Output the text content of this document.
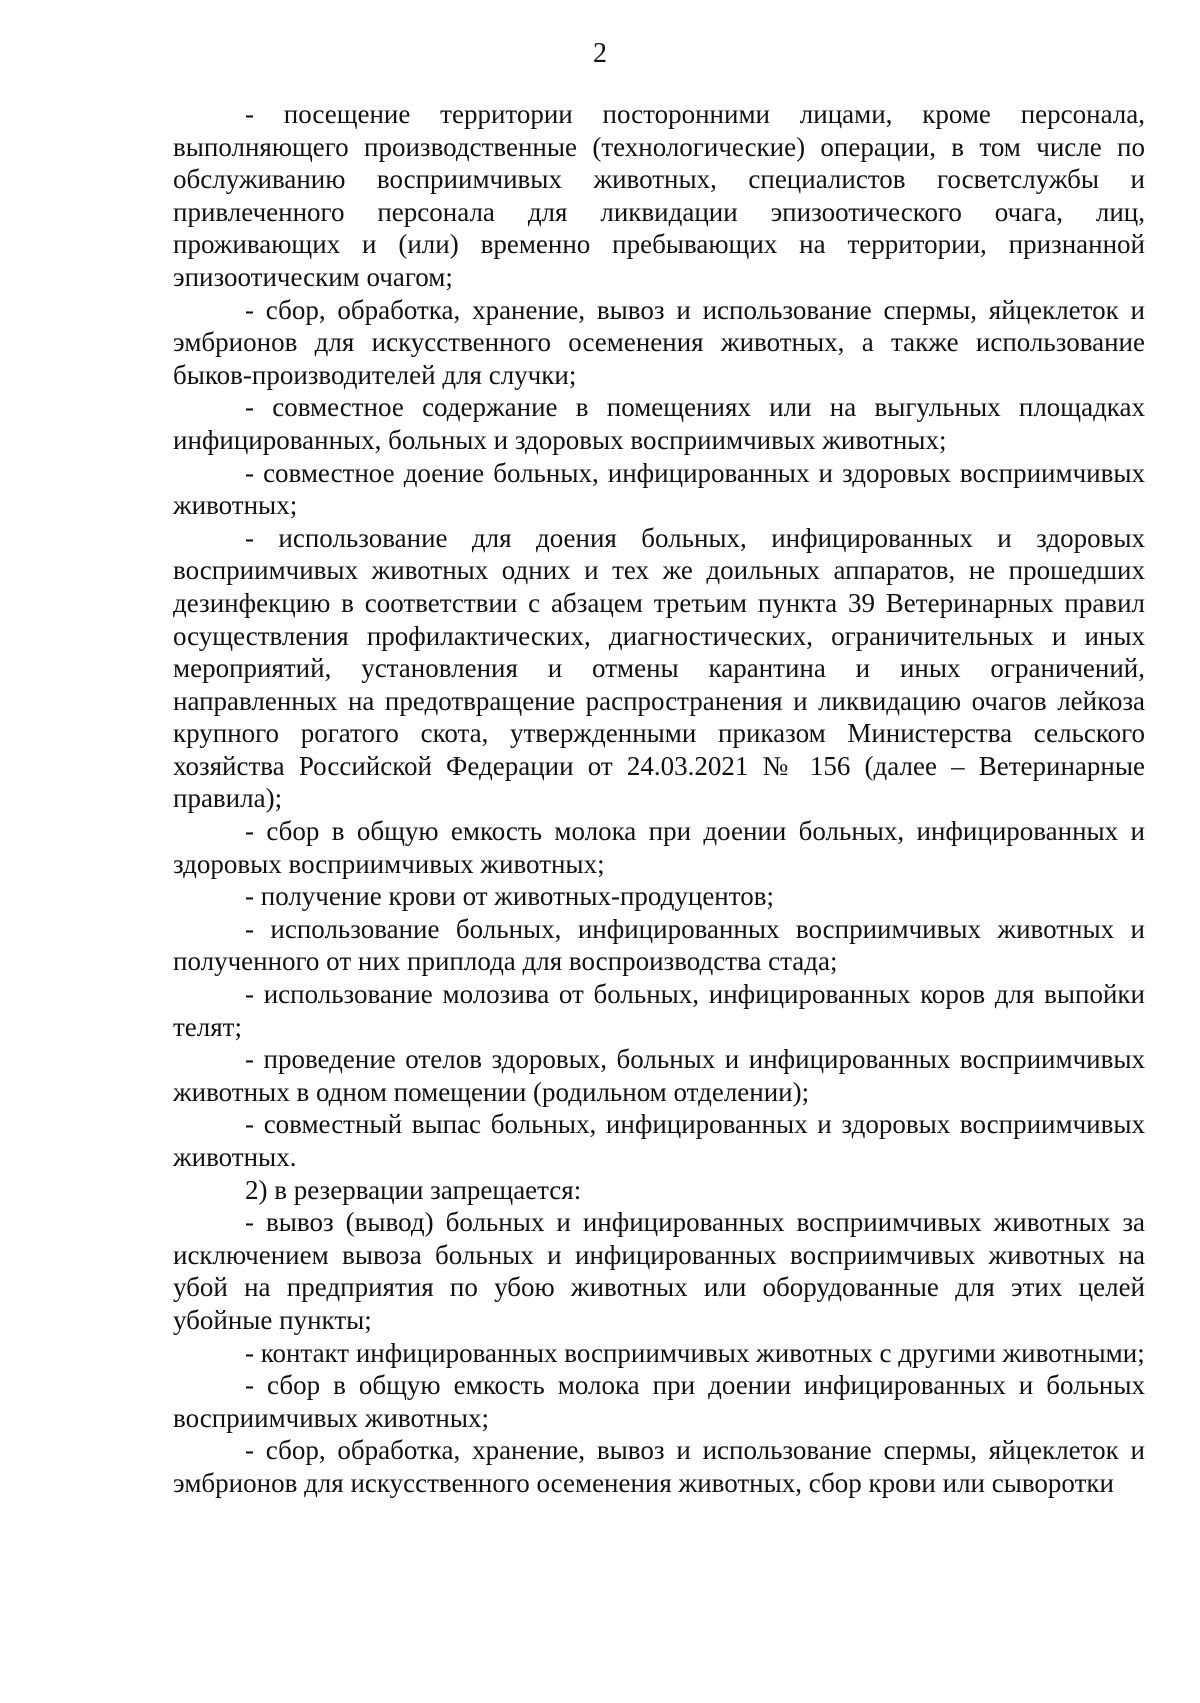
2

- посещение территории посторонними лицами, кроме персонала, выполняющего производственные (технологические) операции, в том числе по обслуживанию восприимчивых животных, специалистов госветслужбы и привлеченного персонала для ликвидации эпизоотического очага, лиц, проживающих и (или) временно пребывающих на территории, признанной эпизоотическим очагом;

- сбор, обработка, хранение, вывоз и использование спермы, яйцеклеток и эмбрионов для искусственного осеменения животных, а также использование быков-производителей для случки;

- совместное содержание в помещениях или на выгульных площадках инфицированных, больных и здоровых восприимчивых животных;

- совместное доение больных, инфицированных и здоровых восприимчивых животных;

- использование для доения больных, инфицированных и здоровых восприимчивых животных одних и тех же доильных аппаратов, не прошедших дезинфекцию в соответствии с абзацем третьим пункта 39 Ветеринарных правил осуществления профилактических, диагностических, ограничительных и иных мероприятий, установления и отмены карантина и иных ограничений, направленных на предотвращение распространения и ликвидацию очагов лейкоза крупного рогатого скота, утвержденными приказом Министерства сельского хозяйства Российской Федерации от 24.03.2021 № 156 (далее – Ветеринарные правила);

- сбор в общую емкость молока при доении больных, инфицированных и здоровых восприимчивых животных;

- получение крови от животных-продуцентов;

- использование больных, инфицированных восприимчивых животных и полученного от них приплода для воспроизводства стада;

- использование молозива от больных, инфицированных коров для выпойки телят;

- проведение отелов здоровых, больных и инфицированных восприимчивых животных в одном помещении (родильном отделении);

- совместный выпас больных, инфицированных и здоровых восприимчивых животных.

2) в резервации запрещается:

- вывоз (вывод) больных и инфицированных восприимчивых животных за исключением вывоза больных и инфицированных восприимчивых животных на убой на предприятия по убою животных или оборудованные для этих целей убойные пункты;

- контакт инфицированных восприимчивых животных с другими животными;

- сбор в общую емкость молока при доении инфицированных и больных восприимчивых животных;

- сбор, обработка, хранение, вывоз и использование спермы, яйцеклеток и эмбрионов для искусственного осеменения животных, сбор крови или сыворотки
